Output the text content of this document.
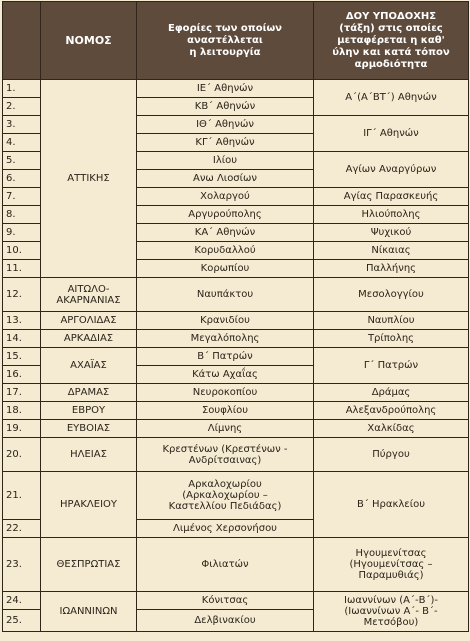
	ΝΟΜΟΣ	Εφορίες των οποίων
αναστέλλεται
η λειτουργία	ΔΟΥ ΥΠΟΔΟΧΗΣ
(τάξη) στις οποίες
μεταφέρεται η καθ'
ύλην και κατά τόπον
αρμοδιότητα
1.	ΑΤΤΙΚΗΣ	ΙΕ΄ Αθηνών	Α΄(Α΄ΒΤ΄) Αθηνών
2.		ΚΒ΄ Αθηνών	
3.		ΙΘ΄ Αθηνών	ΙΓ΄ Αθηνών
4.		ΚΓ΄ Αθηνών	
5.		Ιλίου	Αγίων Αναργύρων
6.		Ανω Λιοσίων	
7.		Χολαργού	Αγίας Παρασκευής
8.		Αργυρούπολης	Ηλιούπολης
9.		ΚΑ΄ Αθηνών	Ψυχικού
10.		Κορυδαλλού	Νίκαιας
11.		Κορωπίου	Παλλήνης
12.	ΑΙΤΩΛΟ-
ΑΚΑΡΝΑΝΙΑΣ	Ναυπάκτου	Μεσολογγίου
13.	ΑΡΓΟΛΙΔΑΣ	Κρανιδίου	Ναυπλίου
14.	ΑΡΚΑΔΙΑΣ	Μεγαλόπολης	Τρίπολης
15.	ΑΧΑΪΑΣ	Β΄ Πατρών	Γ΄ Πατρών
16.		Κάτω Αχαΐας	
17.	ΔΡΑΜΑΣ	Νευροκοπίου	Δράμας
18.	ΕΒΡΟΥ	Σουφλίου	Αλεξανδρούπολης
19.	ΕΥΒΟΙΑΣ	Λίμνης	Χαλκίδας
20.	ΗΛΕΙΑΣ	Κρεστένων (Κρεστένων -
Ανδρίτσαινας)	Πύργου
21.	ΗΡΑΚΛΕΙΟΥ	Αρκαλοχωρίου
(Αρκαλοχωρίου –
Καστελλίου Πεδιάδας)	Β΄ Ηρακλείου
22.		Λιμένος Χερσονήσου	
23.	ΘΕΣΠΡΩΤΙΑΣ	Φιλιατών	Ηγουμενίτσας
(Ηγουμενίτσας –
Παραμυθιάς)
24.	ΙΩΑΝΝΙΝΩΝ	Κόνιτσας	Ιωαννίνων (Α΄-Β΄)-
(Ιωαννίνων Α΄- Β΄-
Μετσόβου)
25.		Δελβινακίου	
